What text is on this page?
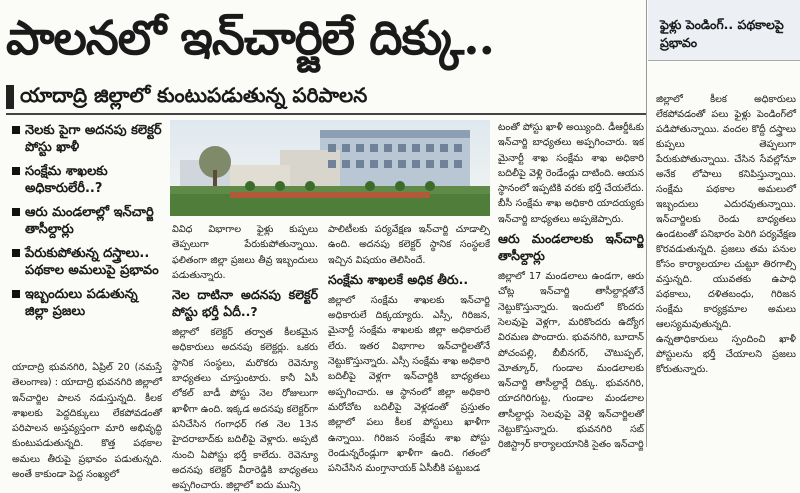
పాలనలో ఇన్‌చార్జిలే దిక్కు..
యాదాద్రి జిల్లాలో కుంటుపడుతున్న పరిపాలన
నెలకు పైగా అదనపు కలెక్టర్ పోస్టు ఖాళీ
సంక్షేమ శాఖలకు అధికారులేరీ..?
ఆరు మండలాల్లో ఇన్‌చార్జి తాసీల్దార్లు
పేరుకుపోతున్న దస్త్రాలు.. పథకాల అమలుపై ప్రభావం
ఇబ్బందులు పడుతున్న జిల్లా ప్రజలు

యాదాద్రి భువనగిరి, ఏప్రిల్ 20 (నమస్తే తెలంగాణ) : యాదాద్రి భువనగిరి జిల్లాలో ఇన్‌చార్జిల పాలన నడుస్తున్నది. కీలక శాఖలకు పెద్దదిక్కులు లేకపోవడంతో పరిపాలన అస్తవ్యస్తంగా మారి అభివృద్ధి కుంటుపడుతున్నది. కొత్త పథకాల అమలు తీరుపై ప్రభావం పడుతున్నది. అంతే కాకుండా పెద్ద సంఖ్యలో

వివిధ విభాగాల ఫైళ్లు కుప్పలు తెప్పలుగా పేరుకుపోతున్నాయి. ఫలితంగా జిల్లా ప్రజలు తీవ్ర ఇబ్బందులు పడుతున్నారు.

నెల దాటినా అదనపు కలెక్టర్ పోస్టు భర్తీ ఏదీ..?

జిల్లాలో కలెక్టర్ తర్వాత కీలకమైన అధికారులు అదనపు కలెక్టర్లు. ఒకరు స్థానిక సంస్థలు, మరొకరు రెవెన్యూ బాధ్యతలు చూస్తుంటారు. కానీ ఏసీ లోకల్ బాడీ పోస్టు నెల రోజులుగా ఖాళీగా ఉంది. ఇక్కడ అదనపు కలెక్టర్‌గా పనిచేసిన గంగాధర్ గత నెల 13న హైదరాబాద్‌కు బదిలీపై వెళ్లారు. అప్పటి నుంచి ఏపోస్టు భర్తీ కాలేదు. రెవెన్యూ అదనపు కలెక్టర్ వీరారెడ్డికి బాధ్యతలు అప్పగించారు. జిల్లాలో ఐదు మున్సి

పాలిటీలకు పర్యవేక్షణ ఇన్‌చార్జి చూడాల్సి ఉంది. అదనపు కలెక్టర్ స్థానిక సంస్థలకే ఇచ్చిన విషయం తెలిసిందే.

సంక్షేమ శాఖలకే అధిక తీరు..

జిల్లాలో సంక్షేమ శాఖలకు ఇన్‌చార్జి అధికారులే దిక్కయ్యారు. ఎస్సీ, గిరిజన, మైనార్టీ సంక్షేమ శాఖలకు జిల్లా అధికారులే లేరు. ఇతర విభాగాల ఇన్‌చార్జిలతోనే నెట్టుకొస్తున్నారు. ఎస్సీ సంక్షేమ శాఖ అధికారి బదిలీపై వెళ్లగా ఇన్‌చార్జికి బాధ్యతలు అప్పగించారు. ఆ స్థానంలో జిల్లా అధికారి మరోచోట బదిలీపై వెళ్లడంతో ప్రస్తుతం జిల్లాలో పలు కీలక పోస్టులు ఖాళీగా ఉన్నాయి. గిరిజన సంక్షేమ శాఖ పోస్టు రెండున్నరేండ్లుగా ఖాళీగా ఉంది. గతంలో పనిచేసిన మంగ్తానాయక్ ఏసీబీకి పట్టుబడ

టంతో పోస్టు ఖాళీ అయ్యింది. డీఆర్డీఓకు ఇన్‌చార్జి బాధ్యతలు అప్పగించారు. ఇక మైనార్టీ శాఖ సంక్షేమ శాఖ అధికారి బదిలీపై వెళ్లి రెండేండ్లు దాటింది. ఆయన స్థానంలో ఇప్పటికి వరకు భర్తీ చేయలేదు. బీసీ సంక్షేమ శాఖ అధికారి యాదయ్యకు ఇన్‌చార్జి బాధ్యతలు అప్పజెప్పారు.

ఆరు మండలాలకు ఇన్‌చార్జి తాసీల్దార్లు

జిల్లాలో 17 మండలాలు ఉండగా, ఆరు చోట్ల ఇన్‌చార్జి తాసీల్దార్లతోనే నెట్టుకొస్తున్నారు. ఇందులో కొందరు సెలవుపై వెళ్లగా, మరికొందరు ఉద్యోగ విరమణ పొందారు. భువనగిరి, బూదాన్ పోచంపల్లి, బీబీనగర్, చౌటుప్పల్, మోత్కూర్, గుండాల మండలాలకు ఇన్‌చార్జి తాసీల్దార్లే దిక్కు. భువనగిరి, యాదగిరిగుట్ట, గుండాల మండలాల తాసీల్దార్లు సెలవుపై వెళ్లి ఇన్‌చార్జిలతో నెట్టుకొస్తున్నారు. భువనగిరి సబ్ రిజిస్ట్రార్ కార్యాలయానికి సైతం ఇన్‌చార్జి

ఫైళ్లు పెండింగ్‌.. పథకాలపై ప్రభావం

జిల్లాలో కీలక అధికారులు లేకపోవడంతో పలు ఫైళ్లు పెండింగ్‌లో పడిపోతున్నాయి. వందల కొద్దీ దస్త్రాలు కుప్పలు తెప్పలుగా పేరుకుపోతున్నాయి. చేసిన సేవల్లోనూ అనేక లోపాలు కనిపిస్తున్నాయి. సంక్షేమ పథకాల అమలులో ఇబ్బందులు ఎదురవుతున్నాయి. ఇన్‌చార్జిలకు రెండు బాధ్యతలు ఉండటంతో పనిభారం పెరిగి పర్యవేక్షణ కొరవడుతున్నది. ప్రజలు తమ పనుల కోసం కార్యాలయాల చుట్టూ తిరగాల్సి వస్తున్నది. యువతకు ఉపాధి పథకాలు, దళితబంధు, గిరిజన సంక్షేమ కార్యక్రమాల అమలు ఆలస్యమవుతున్నది. ఉన్నతాధికారులు స్పందించి ఖాళీ పోస్టులను భర్తీ చేయాలని ప్రజలు కోరుతున్నారు.
